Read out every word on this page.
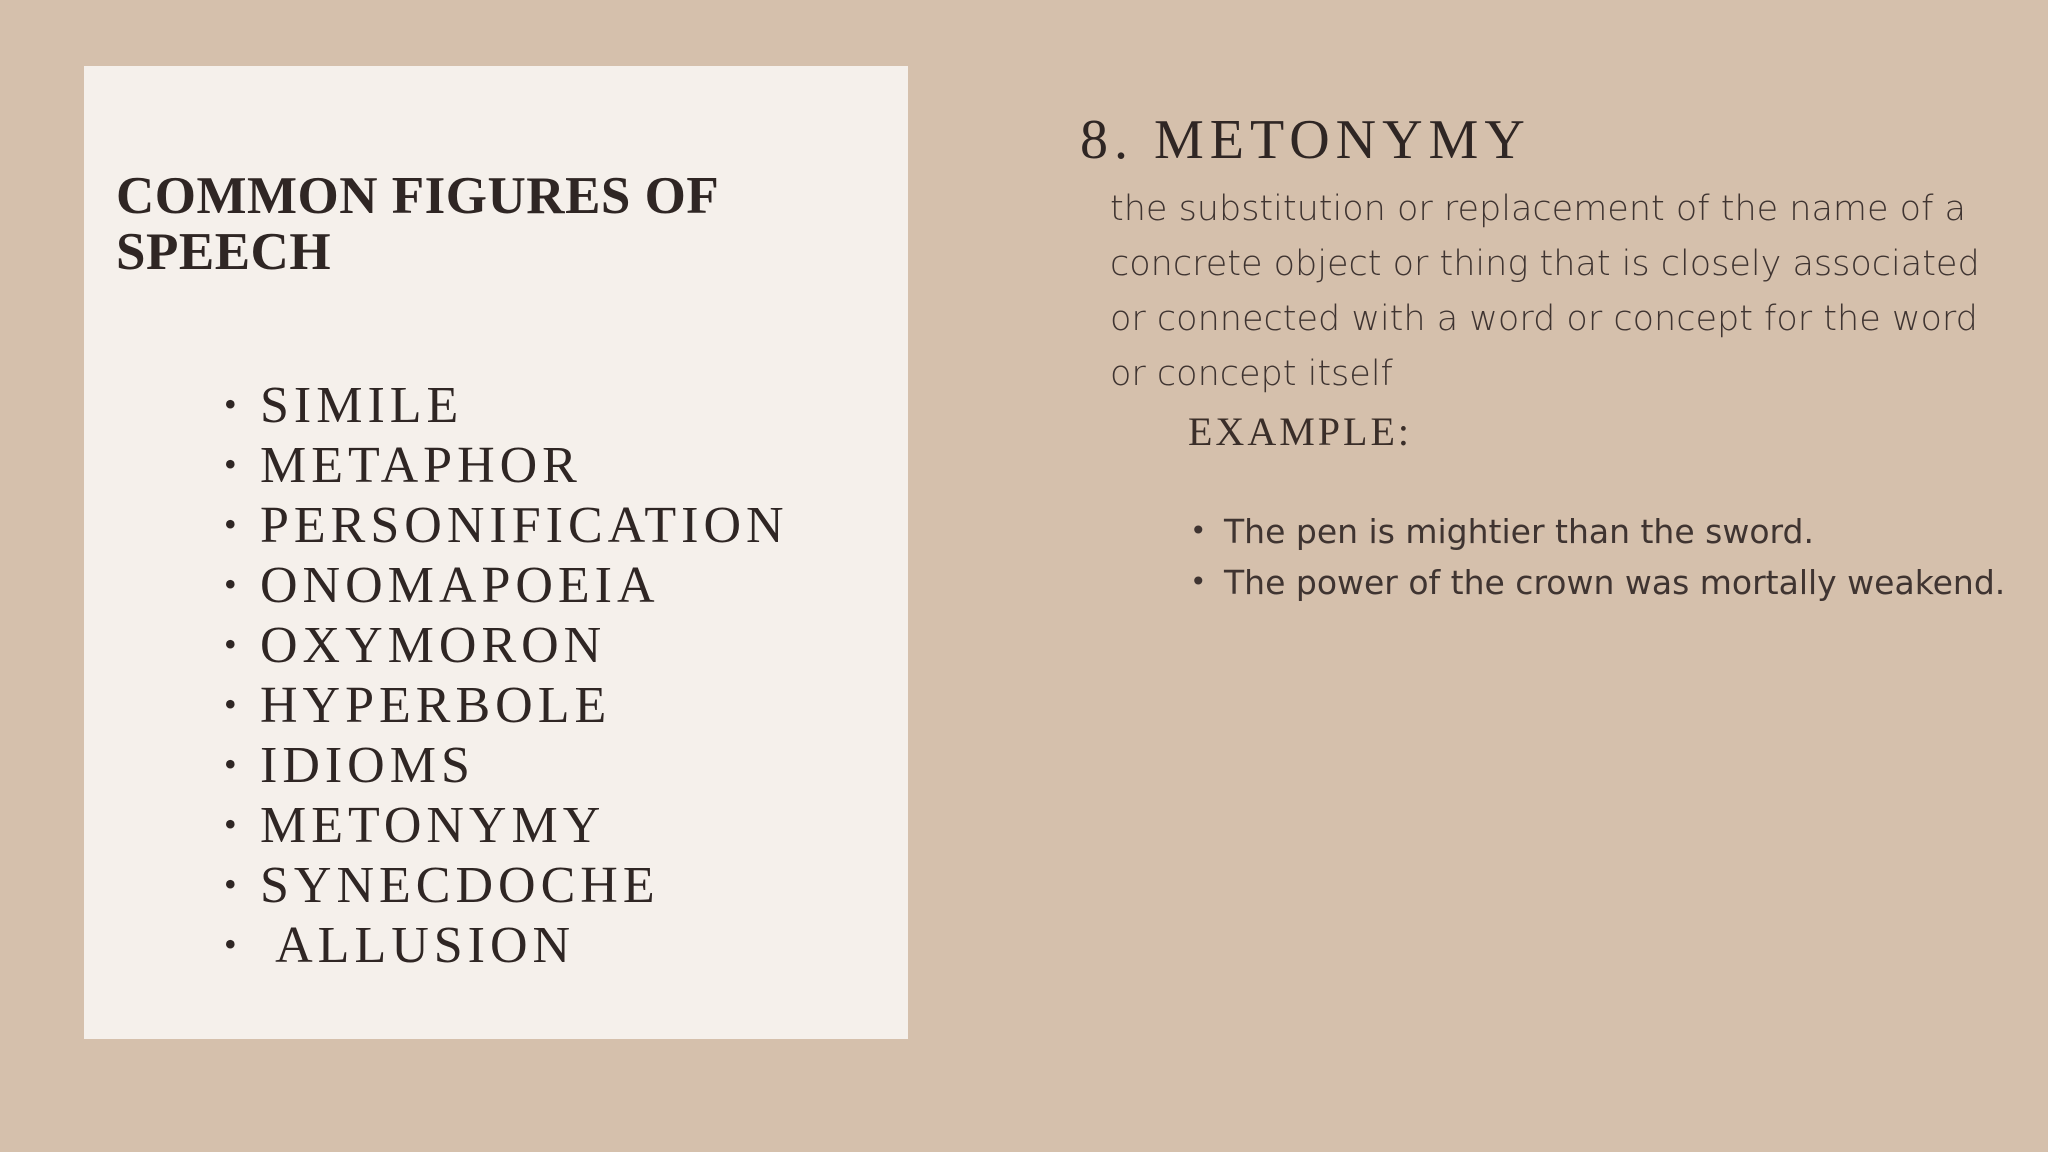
COMMON FIGURES OF SPEECH
• SIMILE
• METAPHOR
• PERSONIFICATION
• ONOMAPOEIA
• OXYMORON
• HYPERBOLE
• IDIOMS
• METONYMY
• SYNECDOCHE
• ALLUSION
8. METONYMY

the substitution or replacement of the name of a concrete object or thing that is closely associated or connected with a word or concept for the word or concept itself

EXAMPLE:
• The pen is mightier than the sword.
• The power of the crown was mortally weakend.
